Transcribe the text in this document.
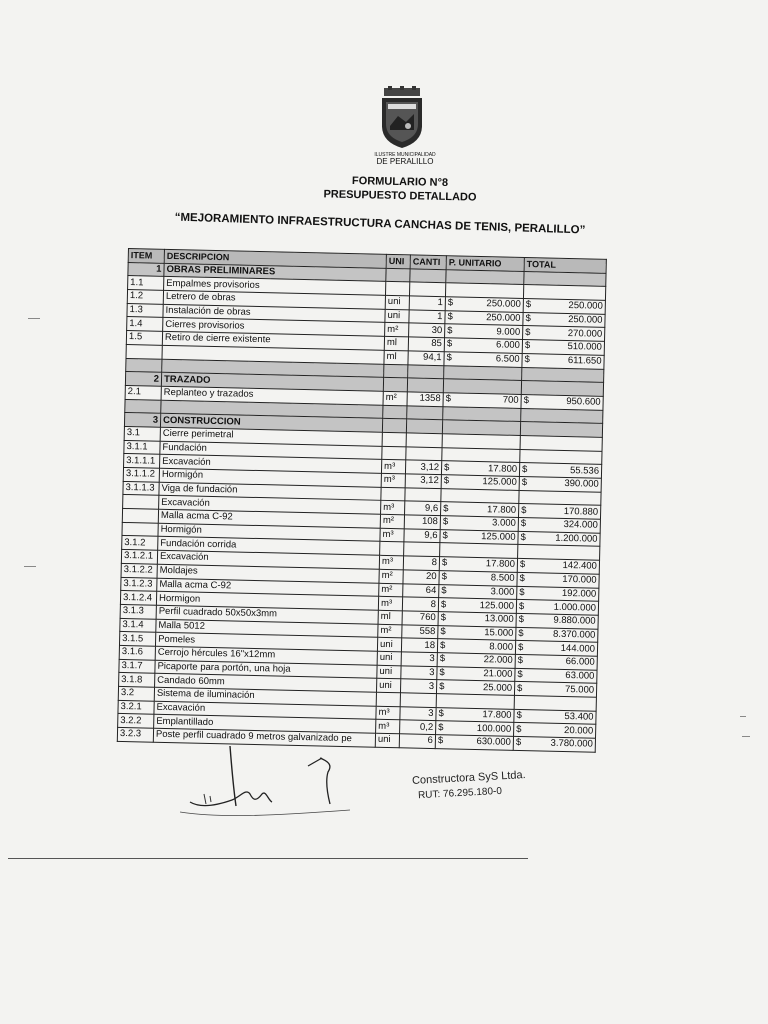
ILUSTRE MUNICIPALIDAD
DE PERALILLO
FORMULARIO N°8
PRESUPUESTO DETALLADO
“MEJORAMIENTO INFRAESTRUCTURA CANCHAS DE TENIS, PERALILLO”
ITEM	DESCRIPCION	UNI	CANTI	P. UNITARIO	TOTAL
1	OBRAS PRELIMINARES				
1.1	Empalmes provisorios				
1.2	Letrero de obras	uni	1	$ 250.000	$ 250.000

1.3	Instalación de obras	uni	1	$ 250.000	$ 250.000

1.4	Cierres provisorios	m²	30	$ 9.000	$ 270.000

1.5	Retiro de cierre existente	ml	85	$ 6.000	$ 510.000

		ml	94,1	$ 6.500	$ 611.650

2	TRAZADO				
2.1	Replanteo y trazados	m²	1358	$ 700	$ 950.600

3	CONSTRUCCION				
3.1	Cierre perimetral				
3.1.1	Fundación				
3.1.1.1	Excavación	m³	3,12	$ 17.800	$ 55.536

3.1.1.2	Hormigón	m³	3,12	$ 125.000	$ 390.000

3.1.1.3	Viga de fundación				
	Excavación	m³	9,6	$ 17.800	$ 170.880

	Malla acma C-92	m²	108	$ 3.000	$ 324.000

	Hormigón	m³	9,6	$ 125.000	$ 1.200.000

3.1.2	Fundación corrida				
3.1.2.1	Excavación	m³	8	$ 17.800	$ 142.400

3.1.2.2	Moldajes	m²	20	$ 8.500	$ 170.000

3.1.2.3	Malla acma C-92	m²	64	$ 3.000	$ 192.000

3.1.2.4	Hormigon	m³	8	$ 125.000	$ 1.000.000

3.1.3	Perfil cuadrado 50x50x3mm	ml	760	$ 13.000	$ 9.880.000

3.1.4	Malla 5012	m²	558	$ 15.000	$ 8.370.000

3.1.5	Pomeles	uni	18	$ 8.000	$ 144.000

3.1.6	Cerrojo hércules 16"x12mm	uni	3	$ 22.000	$ 66.000

3.1.7	Picaporte para portón, una hoja	uni	3	$ 21.000	$ 63.000

3.1.8	Candado 60mm	uni	3	$ 25.000	$ 75.000

3.2	Sistema de iluminación				
3.2.1	Excavación	m³	3	$ 17.800	$ 53.400

3.2.2	Emplantillado	m³	0,2	$ 100.000	$ 20.000

3.2.3	Poste perfil cuadrado 9 metros galvanizado pe	uni	6	$ 630.000	$ 3.780.000
Constructora SyS Ltda.
RUT: 76.295.180-0
